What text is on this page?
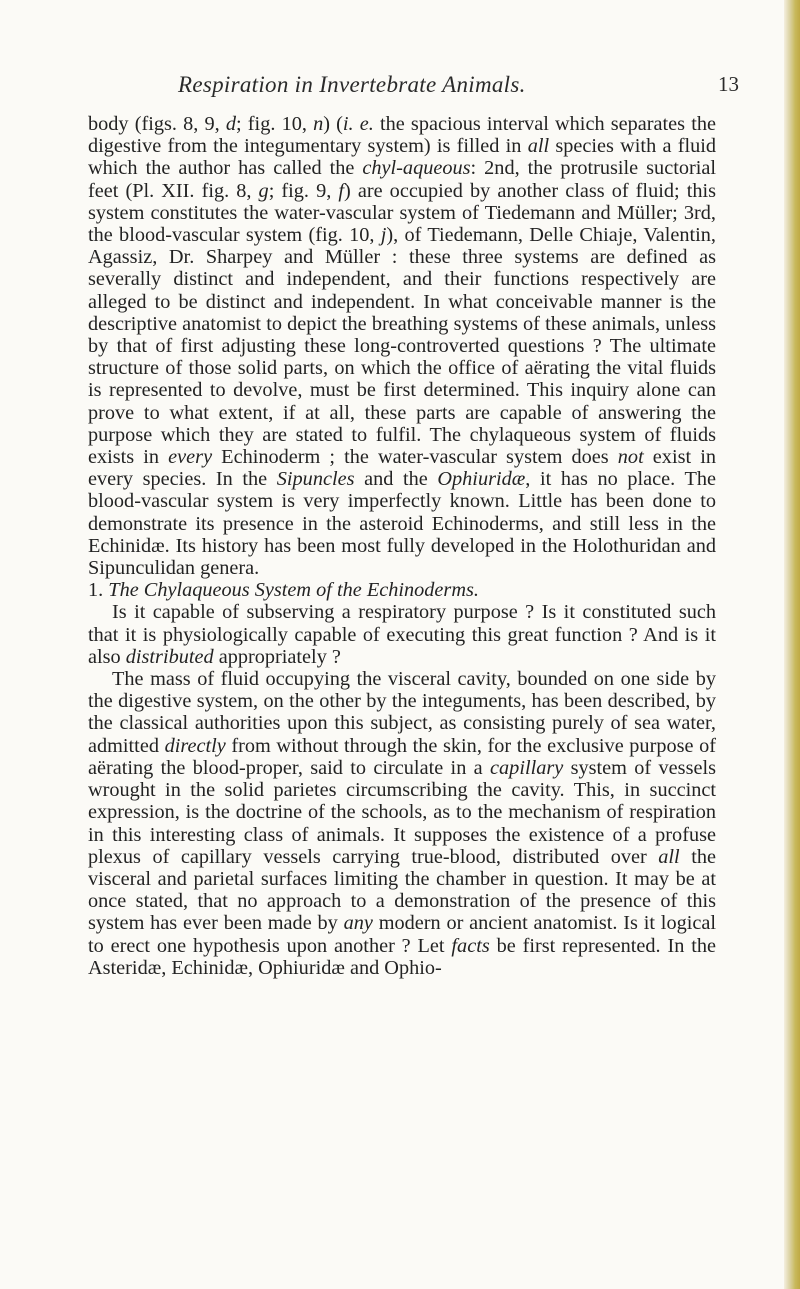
Respiration in Invertebrate Animals.	13

body (figs. 8, 9, d; fig. 10, n) (i. e. the spacious interval which separates the digestive from the integumentary system) is filled in all species with a fluid which the author has called the chyl-aqueous: 2nd, the protrusile suctorial feet (Pl. XII. fig. 8, g; fig. 9, f) are occupied by another class of fluid; this system constitutes the water-vascular system of Tiedemann and Müller; 3rd, the blood-vascular system (fig. 10, j), of Tiedemann, Delle Chiaje, Valentin, Agassiz, Dr. Sharpey and Müller : these three systems are defined as severally distinct and independent, and their functions respectively are alleged to be distinct and independent. In what conceivable manner is the descriptive anatomist to depict the breathing systems of these animals, unless by that of first adjusting these long-controverted questions ? The ultimate structure of those solid parts, on which the office of aërating the vital fluids is represented to devolve, must be first determined. This inquiry alone can prove to what extent, if at all, these parts are capable of answering the purpose which they are stated to fulfil. The chylaqueous system of fluids exists in every Echinoderm ; the water-vascular system does not exist in every species. In the Sipuncles and the Ophiuridæ, it has no place. The blood-vascular system is very imperfectly known. Little has been done to demonstrate its presence in the asteroid Echinoderms, and still less in the Echinidæ. Its history has been most fully developed in the Holothuridan and Sipunculidan genera.

1. The Chylaqueous System of the Echinoderms.

Is it capable of subserving a respiratory purpose ? Is it constituted such that it is physiologically capable of executing this great function ? And is it also distributed appropriately ?

The mass of fluid occupying the visceral cavity, bounded on one side by the digestive system, on the other by the integuments, has been described, by the classical authorities upon this subject, as consisting purely of sea water, admitted directly from without through the skin, for the exclusive purpose of aërating the blood-proper, said to circulate in a capillary system of vessels wrought in the solid parietes circumscribing the cavity. This, in succinct expression, is the doctrine of the schools, as to the mechanism of respiration in this interesting class of animals. It supposes the existence of a profuse plexus of capillary vessels carrying true-blood, distributed over all the visceral and parietal surfaces limiting the chamber in question. It may be at once stated, that no approach to a demonstration of the presence of this system has ever been made by any modern or ancient anatomist. Is it logical to erect one hypothesis upon another ? Let facts be first represented. In the Asteridæ, Echinidæ, Ophiuridæ and Ophio-
